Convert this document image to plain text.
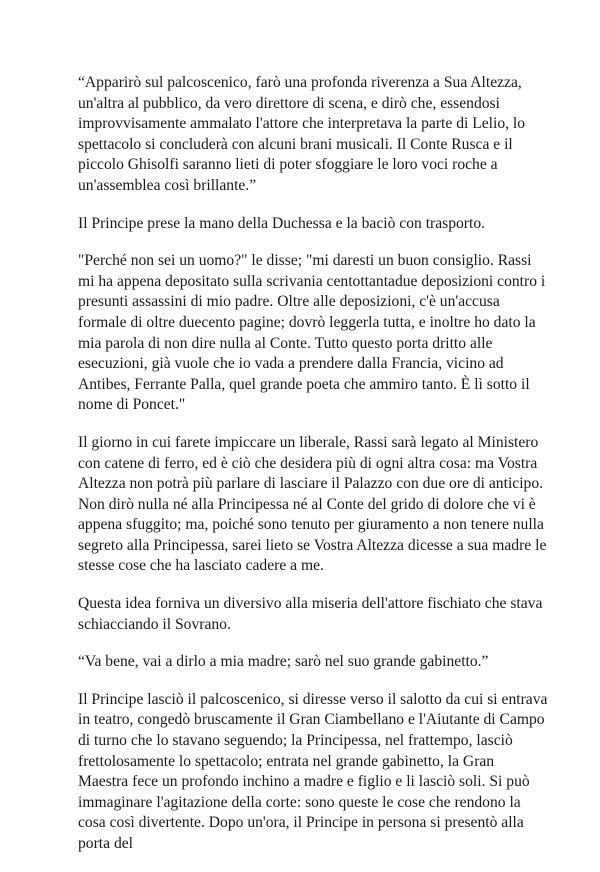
“Apparirò sul palcoscenico, farò una profonda riverenza a Sua Altezza, un'altra al pubblico, da vero direttore di scena, e dirò che, essendosi improvvisamente ammalato l'attore che interpretava la parte di Lelio, lo spettacolo si concluderà con alcuni brani musicali. Il Conte Rusca e il piccolo Ghisolfi saranno lieti di poter sfoggiare le loro voci roche a un'assemblea così brillante.”

Il Principe prese la mano della Duchessa e la baciò con trasporto.

"Perché non sei un uomo?" le disse; "mi daresti un buon consiglio. Rassi mi ha appena depositato sulla scrivania centottantadue deposizioni contro i presunti assassini di mio padre. Oltre alle deposizioni, c'è un'accusa formale di oltre duecento pagine; dovrò leggerla tutta, e inoltre ho dato la mia parola di non dire nulla al Conte. Tutto questo porta dritto alle esecuzioni, già vuole che io vada a prendere dalla Francia, vicino ad Antibes, Ferrante Palla, quel grande poeta che ammiro tanto. È lì sotto il nome di Poncet."

Il giorno in cui farete impiccare un liberale, Rassi sarà legato al Ministero con catene di ferro, ed è ciò che desidera più di ogni altra cosa: ma Vostra Altezza non potrà più parlare di lasciare il Palazzo con due ore di anticipo. Non dirò nulla né alla Principessa né al Conte del grido di dolore che vi è appena sfuggito; ma, poiché sono tenuto per giuramento a non tenere nulla segreto alla Principessa, sarei lieto se Vostra Altezza dicesse a sua madre le stesse cose che ha lasciato cadere a me.

Questa idea forniva un diversivo alla miseria dell'attore fischiato che stava schiacciando il Sovrano.

“Va bene, vai a dirlo a mia madre; sarò nel suo grande gabinetto.”

Il Principe lasciò il palcoscenico, si diresse verso il salotto da cui si entrava in teatro, congedò bruscamente il Gran Ciambellano e l'Aiutante di Campo di turno che lo stavano seguendo; la Principessa, nel frattempo, lasciò frettolosamente lo spettacolo; entrata nel grande gabinetto, la Gran Maestra fece un profondo inchino a madre e figlio e li lasciò soli. Si può immaginare l'agitazione della corte: sono queste le cose che rendono la cosa così divertente. Dopo un'ora, il Principe in persona si presentò alla porta del
